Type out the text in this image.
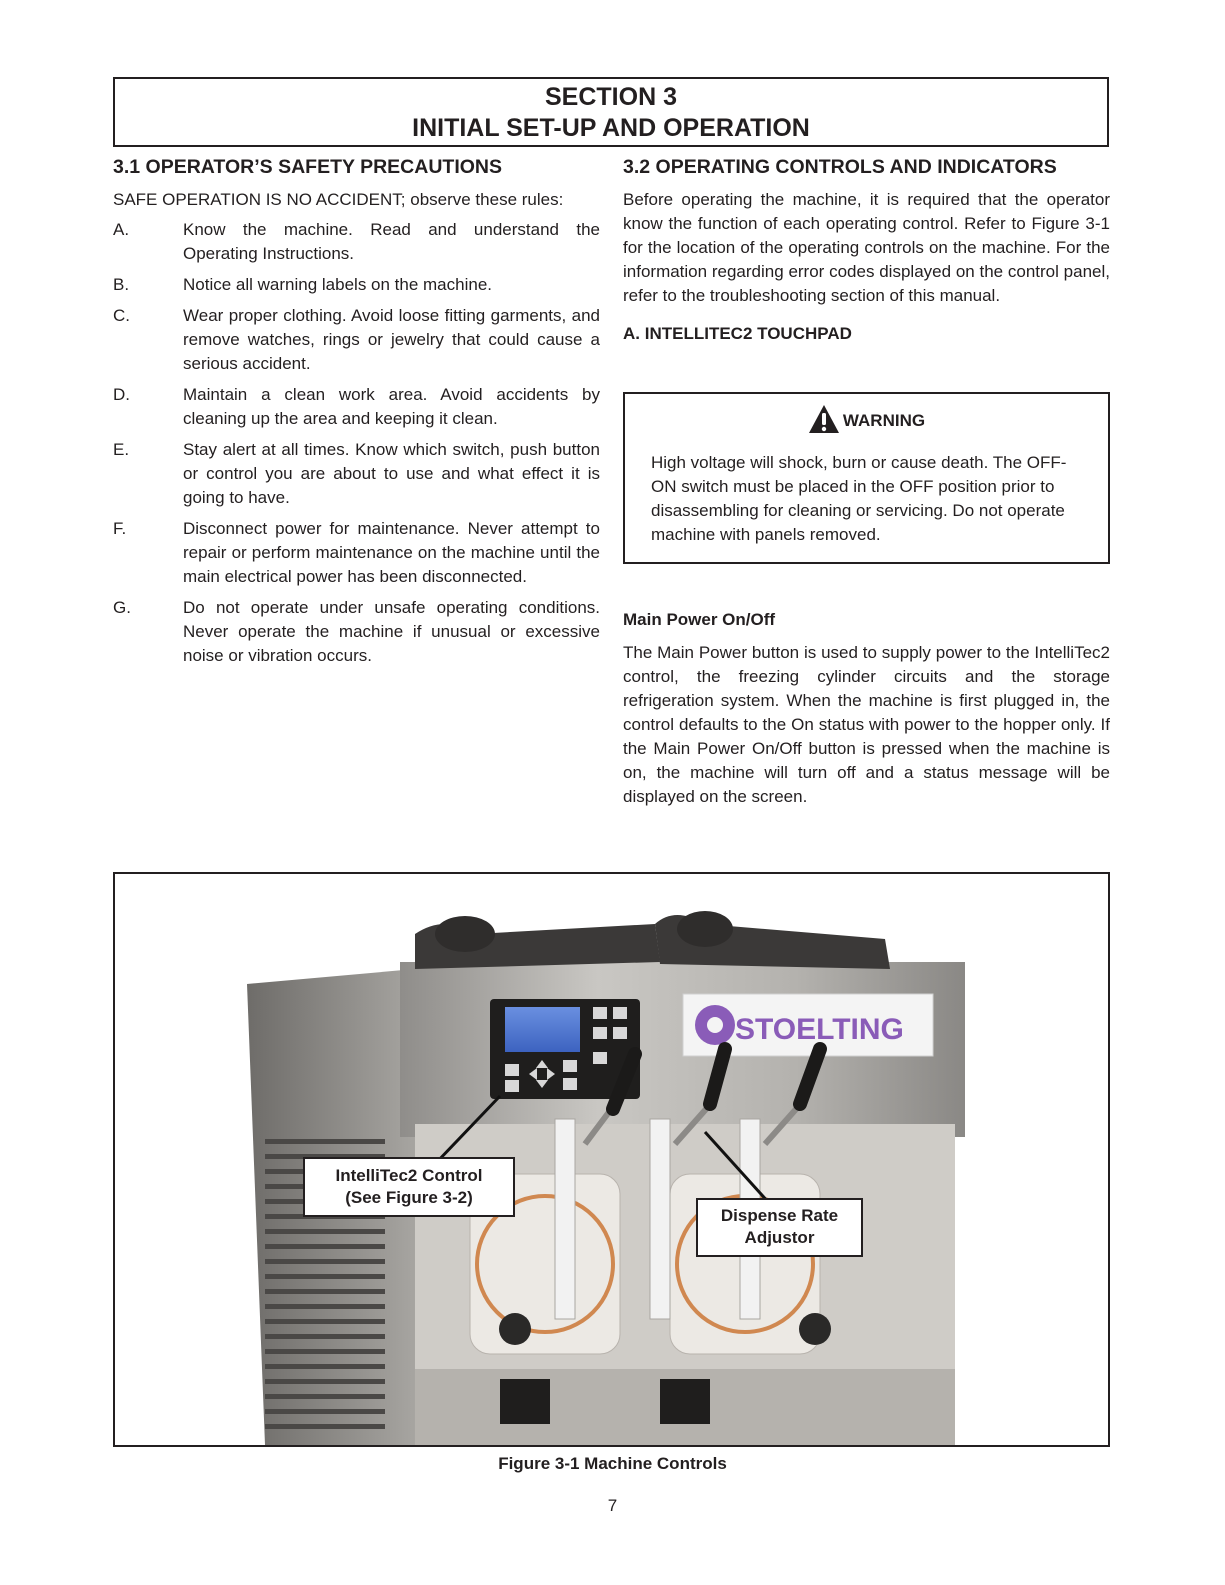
SECTION 3
INITIAL SET-UP AND OPERATION
3.1 OPERATOR’S SAFETY PRECAUTIONS

SAFE OPERATION IS NO ACCIDENT; observe these rules:

A.	Know the machine. Read and understand the Operating Instructions.
B.	Notice all warning labels on the machine.
C.	Wear proper clothing. Avoid loose fitting garments, and remove watches, rings or jewelry that could cause a serious accident.
D.	Maintain a clean work area. Avoid accidents by cleaning up the area and keeping it clean.
E.	Stay alert at all times. Know which switch, push button or control you are about to use and what effect it is going to have.
F.	Disconnect power for maintenance. Never attempt to repair or perform maintenance on the machine until the main electrical power has been disconnected.
G.	Do not operate under unsafe operating conditions. Never operate the machine if unusual or excessive noise or vibration occurs.
3.2 OPERATING CONTROLS AND INDICATORS

Before operating the machine, it is required that the operator know the function of each operating control. Refer to Figure 3-1 for the location of the operating controls on the machine. For the information regarding error codes displayed on the control panel, refer to the troubleshooting section of this manual.

A. INTELLITEC2 TOUCHPAD
WARNING
High voltage will shock, burn or cause death. The OFF-ON switch must be placed in the OFF position prior to disassembling for cleaning or servicing. Do not operate machine with panels removed.
Main Power On/Off

The Main Power button is used to supply power to the IntelliTec2 control, the freezing cylinder circuits and the storage refrigeration system. When the machine is first plugged in, the control defaults to the On status with power to the hopper only. If the Main Power On/Off button is pressed when the machine is on, the machine will turn off and a status message will be displayed on the screen.

STOELTING
IntelliTec2 Control
(See Figure 3-2)
Dispense Rate
Adjustor
Figure 3-1 Machine Controls
7
